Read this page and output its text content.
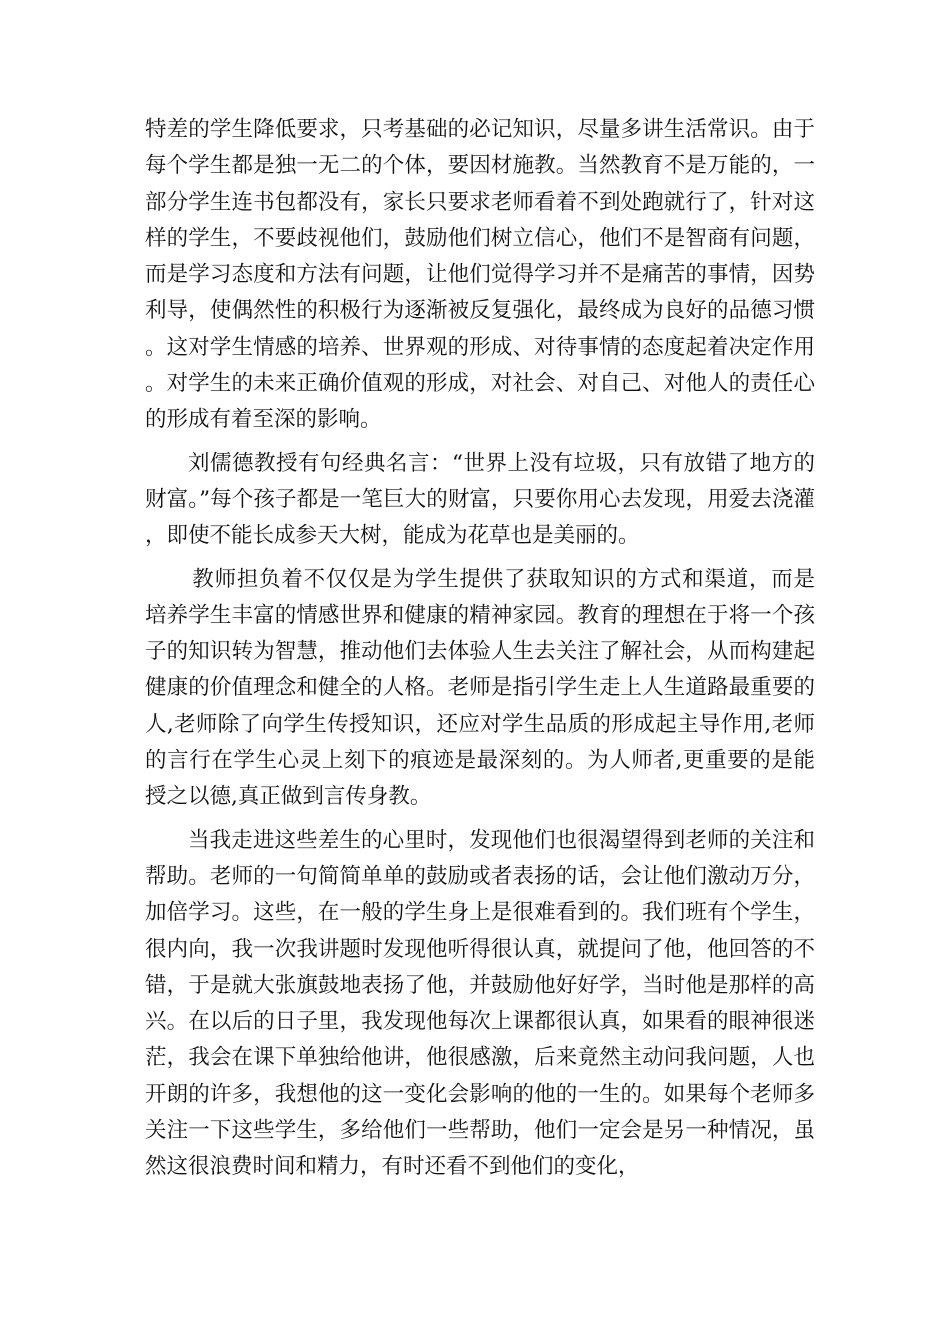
特差的学生降低要求，只考基础的必记知识，尽量多讲生活常识。由于每个学生都是独一无二的个体，要因材施教。当然教育不是万能的，一部分学生连书包都没有，家长只要求老师看着不到处跑就行了，针对这样的学生，不要歧视他们，鼓励他们树立信心，他们不是智商有问题，而是学习态度和方法有问题，让他们觉得学习并不是痛苦的事情，因势利导，使偶然性的积极行为逐渐被反复强化，最终成为良好的品德习惯。这对学生情感的培养、世界观的形成、对待事情的态度起着决定作用。对学生的未来正确价值观的形成，对社会、对自己、对他人的责任心的形成有着至深的影响。

刘儒德教授有句经典名言：“世界上没有垃圾，只有放错了地方的财富。”每个孩子都是一笔巨大的财富，只要你用心去发现，用爱去浇灌，即使不能长成参天大树，能成为花草也是美丽的。

教师担负着不仅仅是为学生提供了获取知识的方式和渠道，而是培养学生丰富的情感世界和健康的精神家园。教育的理想在于将一个孩子的知识转为智慧，推动他们去体验人生去关注了解社会，从而构建起健康的价值理念和健全的人格。老师是指引学生走上人生道路最重要的人,老师除了向学生传授知识，还应对学生品质的形成起主导作用,老师的言行在学生心灵上刻下的痕迹是最深刻的。为人师者,更重要的是能授之以德,真正做到言传身教。

当我走进这些差生的心里时，发现他们也很渴望得到老师的关注和帮助。老师的一句简简单单的鼓励或者表扬的话，会让他们激动万分，加倍学习。这些，在一般的学生身上是很难看到的。我们班有个学生，很内向，我一次我讲题时发现他听得很认真，就提问了他，他回答的不错，于是就大张旗鼓地表扬了他，并鼓励他好好学，当时他是那样的高兴。在以后的日子里，我发现他每次上课都很认真，如果看的眼神很迷茫，我会在课下单独给他讲，他很感激，后来竟然主动问我问题，人也开朗的许多，我想他的这一变化会影响的他的一生的。如果每个老师多关注一下这些学生，多给他们一些帮助，他们一定会是另一种情况，虽然这很浪费时间和精力，有时还看不到他们的变化，
